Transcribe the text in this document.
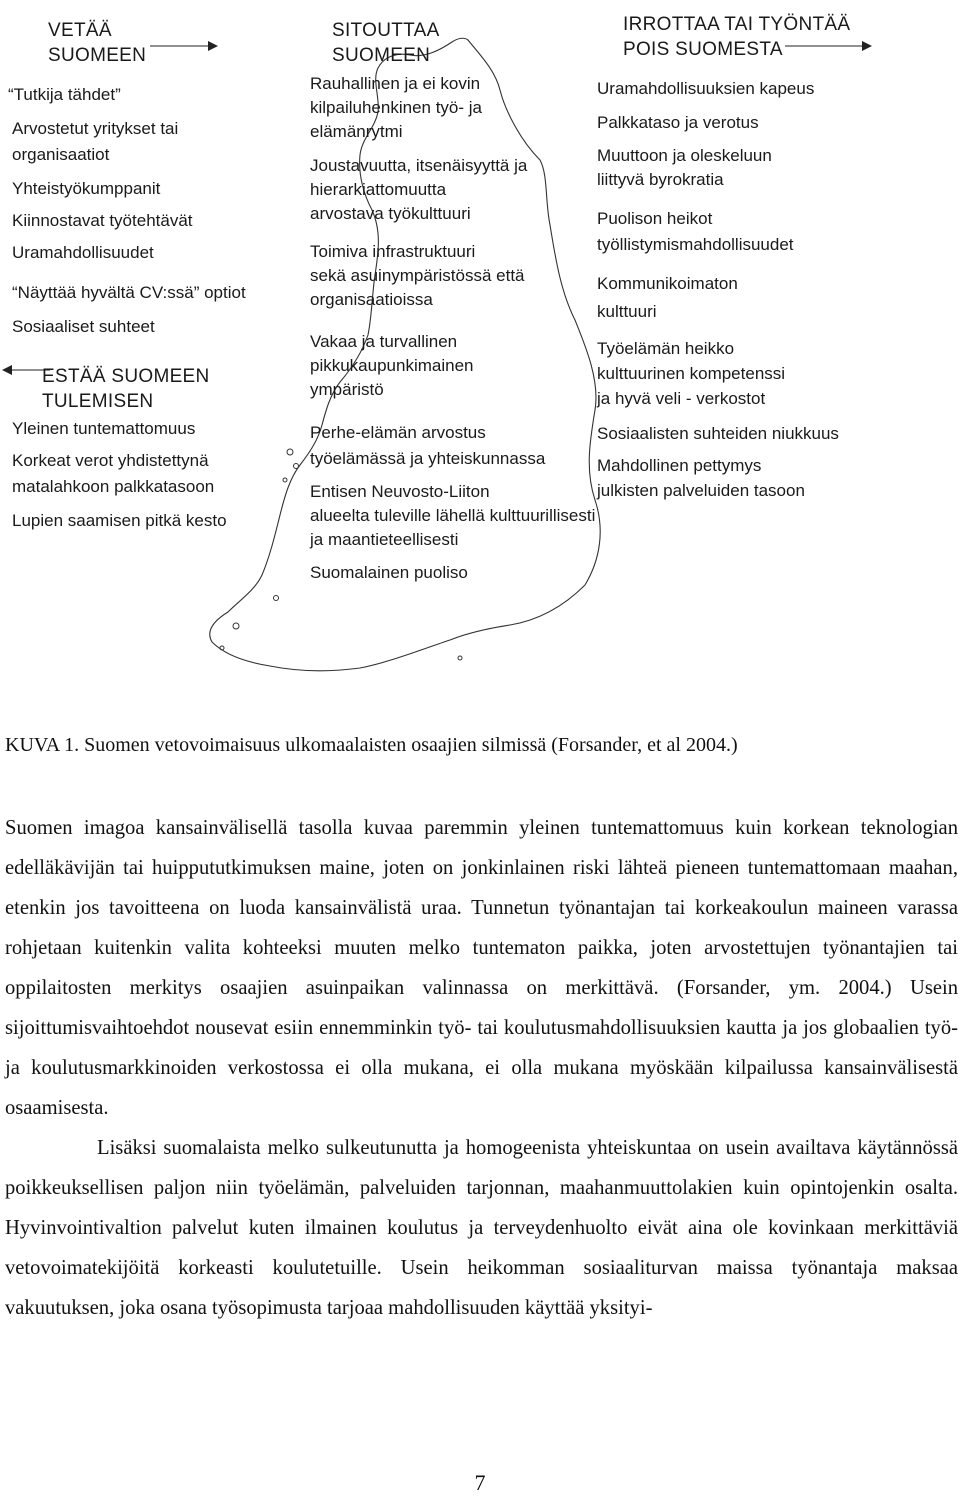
VETÄÄ
SUOMEEN

“Tutkija tähdet”

Arvostetut yritykset tai
organisaatiot

Yhteistyökumppanit

Kiinnostavat työtehtävät

Uramahdollisuudet

“Näyttää hyvältä CV:ssä” optiot

Sosiaaliset suhteet

ESTÄÄ SUOMEEN
TULEMISEN

Yleinen tuntemattomuus

Korkeat verot yhdistettynä
matalahkoon palkkatasoon

Lupien saamisen pitkä kesto

SITOUTTAA
SUOMEEN

Rauhallinen ja ei kovin
kilpailuhenkinen työ- ja
elämänrytmi

Joustavuutta, itsenäisyyttä ja
hierarkiattomuutta
arvostava työkulttuuri

Toimiva infrastruktuuri
sekä asuinympäristössä että
organisaatioissa

Vakaa ja turvallinen
pikkukaupunkimainen
ympäristö

Perhe-elämän arvostus
työelämässä ja yhteiskunnassa

Entisen Neuvosto-Liiton
alueelta tuleville lähellä kulttuurillisesti
ja maantieteellisesti

Suomalainen puoliso

IRROTTAA TAI TYÖNTÄÄ
POIS SUOMESTA

Uramahdollisuuksien kapeus

Palkkataso ja verotus

Muuttoon ja oleskeluun
liittyvä byrokratia

Puolison heikot
työllistymismahdollisuudet

Kommunikoimaton
kulttuuri

Työelämän heikko
kulttuurinen kompetenssi
ja hyvä veli - verkostot

Sosiaalisten suhteiden niukkuus

Mahdollinen pettymys
julkisten palveluiden tasoon

KUVA 1. Suomen vetovoimaisuus ulkomaalaisten osaajien silmissä (Forsander, et al 2004.)

Suomen imagoa kansainvälisellä tasolla kuvaa paremmin yleinen tuntemattomuus kuin korkean teknologian edelläkävijän tai huippututkimuksen maine, joten on jonkinlainen riski lähteä pieneen tuntemattomaan maahan, etenkin jos tavoitteena on luoda kansainvälistä uraa. Tunnetun työnantajan tai korkeakoulun maineen varassa rohjetaan kuitenkin valita kohteeksi muuten melko tuntematon paikka, joten arvostettujen työnantajien tai oppilaitosten merkitys osaajien asuinpaikan valinnassa on merkittävä. (Forsander, ym. 2004.) Usein sijoittumisvaihtoehdot nousevat esiin ennemminkin työ- tai koulutusmahdollisuuksien kautta ja jos globaalien työ- ja koulutusmarkkinoiden verkostossa ei olla mukana, ei olla mukana myöskään kilpailussa kansainvälisestä osaamisesta.

Lisäksi suomalaista melko sulkeutunutta ja homogeenista yhteiskuntaa on usein availtava käytännössä poikkeuksellisen paljon niin työelämän, palveluiden tarjonnan, maahanmuuttolakien kuin opintojenkin osalta. Hyvinvointivaltion palvelut kuten ilmainen koulutus ja terveydenhuolto eivät aina ole kovinkaan merkittäviä vetovoimatekijöitä korkeasti koulutetuille. Usein heikomman sosiaaliturvan maissa työnantaja maksaa vakuutuksen, joka osana työsopimusta tarjoaa mahdollisuuden käyttää yksityi-

7
